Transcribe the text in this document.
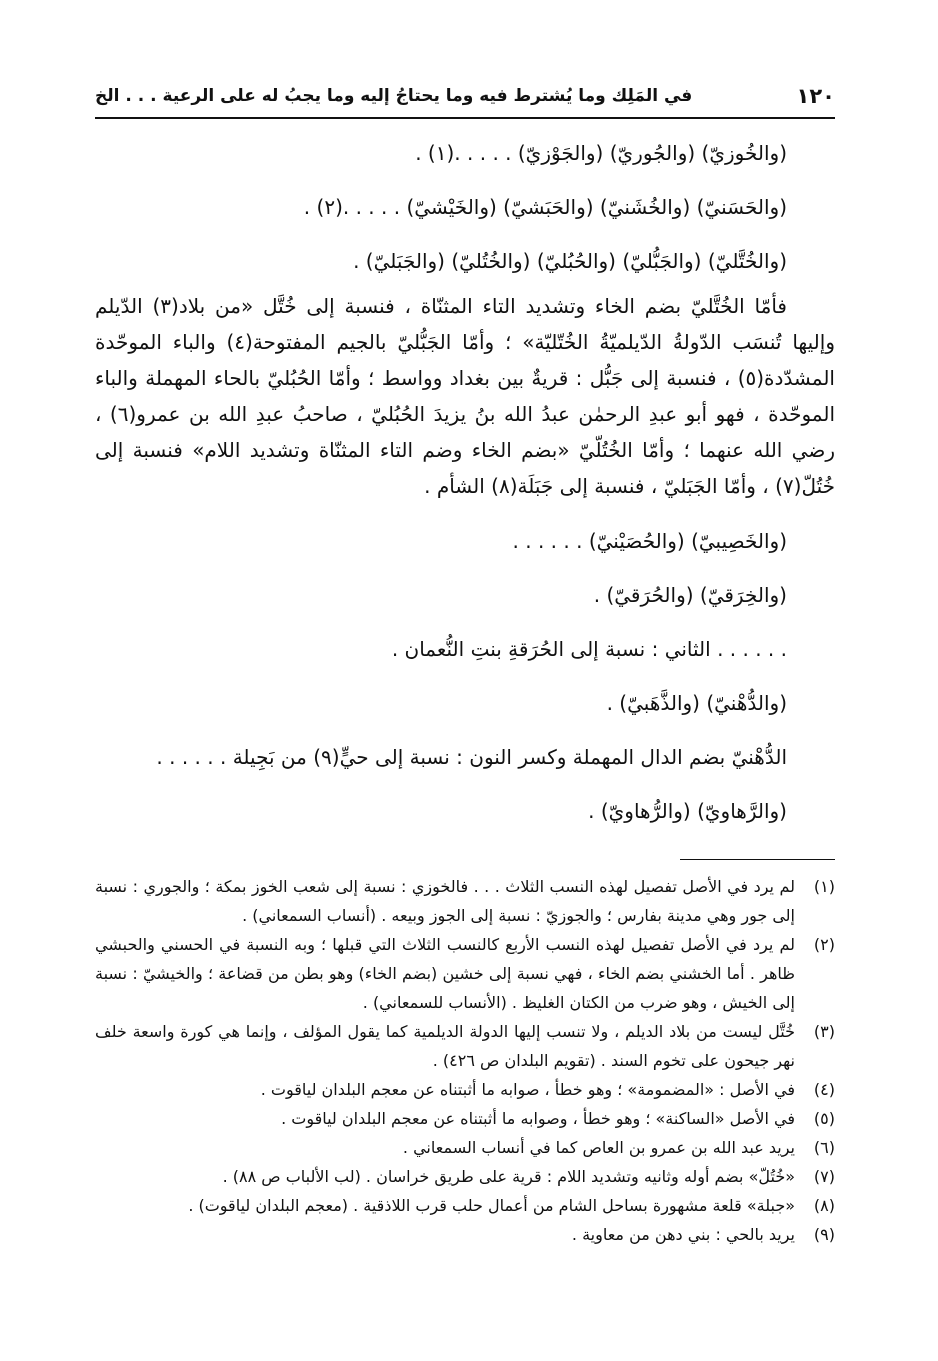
١٢٠
في المَلِك وما يُشترط فيه وما يحتاجُ إليه وما يجبُ له على الرعية . . . الخ

(والخُوزيّ) (والجُوريّ) (والجَوْزيّ) . . . . .(١) .

(والحَسَنيّ) (والخُشَنيّ) (والحَبَشيّ) (والخَيْشيّ) . . . . .(٢) .

(والخُتَّليّ) (والجَبُّليّ) (والحُبُليّ) (والخُتُليّ) (والجَبَليّ) .

فأمّا الخُتَّليّ بضم الخاء وتشديد التاء المثنّاة ، فنسبة إلى خُتَّل «من بلاد(٣) الدّيلم وإليها تُنسَب الدّولةُ الدّيلميّةُ الخُتّليّة» ؛ وأمّا الجَبُّليّ بالجيم المفتوحة(٤) والباء الموحّدة المشدّدة(٥) ، فنسبة إلى جَبُّل : قريةٌ بين بغداد وواسط ؛ وأمّا الحُبُليّ بالحاء المهملة والباء الموحّدة ، فهو أبو عبدِ الرحمٰن عبدُ الله بنُ يزيدَ الحُبُليّ ، صاحبُ عبدِ الله بن عمرو(٦) ، رضي الله عنهما ؛ وأمّا الخُتُلّيّ «بضم الخاء وضم التاء المثنّاة وتشديد اللام» فنسبة إلى خُتُلّ(٧) ، وأمّا الجَبَليّ ، فنسبة إلى جَبَلَة(٨) الشأم .

(والخَصِيبيّ) (والحُصَيْنيّ) . . . . . .

(والخِرَقيّ) (والحُرَقيّ) .

. . . . . . الثاني : نسبة إلى الحُرَقةِ بنتِ النُّعمان .

(والدُّهْنيّ) (والذَّهَبيّ) .

الدُّهْنيّ بضم الدال المهملة وكسر النون : نسبة إلى حيٍّ(٩) من بَجِيلة . . . . . .

(والرَّهاويّ) (والرُّهاويّ) .

(١)
لم يرد في الأصل تفصيل لهذه النسب الثلاث . . . فالخوزي : نسبة إلى شعب الخوز بمكة ؛ والجوري : نسبة إلى جور وهي مدينة بفارس ؛ والجوزيّ : نسبة إلى الجوز وبيعه . (أنساب السمعاني) .
(٢)
لم يرد في الأصل تفصيل لهذه النسب الأربع كالنسب الثلاث التي قبلها ؛ وبه النسبة في الحسني والحبشي ظاهر . أما الخشني بضم الخاء ، فهي نسبة إلى خشين (بضم الخاء) وهو بطن من قضاعة ؛ والخيشيّ : نسبة إلى الخيش ، وهو ضرب من الكتان الغليظ . (الأنساب للسمعاني) .
(٣)
خُتَّل ليست من بلاد الديلم ، ولا تنسب إليها الدولة الديلمية كما يقول المؤلف ، وإنما هي كورة واسعة خلف نهر جيحون على تخوم السند . (تقويم البلدان ص ٤٢٦) .
(٤)
في الأصل : «المضمومة» ؛ وهو خطأ ، صوابه ما أثبتناه عن معجم البلدان لياقوت .
(٥)
في الأصل «الساكنة» ؛ وهو خطأ ، وصوابه ما أثبتناه عن معجم البلدان لياقوت .
(٦)
يريد عبد الله بن عمرو بن العاص كما في أنساب السمعاني .
(٧)
«خُتُلّ» بضم أوله وثانيه وتشديد اللام : قرية على طريق خراسان . (لب الألباب ص ٨٨) .
(٨)
«جبلة» قلعة مشهورة بساحل الشام من أعمال حلب قرب اللاذقية . (معجم البلدان لياقوت) .
(٩)
يريد بالحي : بني دهن من معاوية .
